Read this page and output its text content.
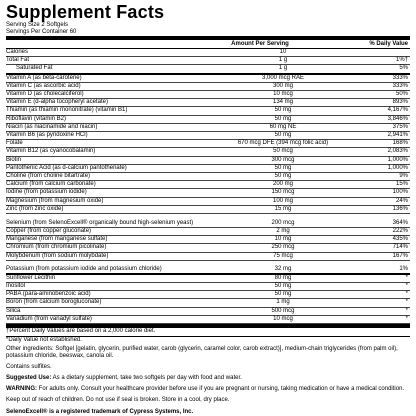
Supplement Facts
Serving Size 2 Softgels
Servings Per Container 60
Amount Per Serving	% Daily Value
Calories	10
Total Fat	1 g	1%†
Saturated Fat	1 g	5%
Vitamin A (as beta-carotene)	3,000 mcg RAE	333%
Vitamin C (as ascorbic acid)	300 mg	333%
Vitamin D (as cholecalciferol)	10 mcg	50%
Vitamin E (d-alpha tocopheryl acetate)	134 mg	893%
Thiamin (as thiamin mononitrate) (vitamin B1)	50 mg	4,167%
Riboflavin (vitamin B2)	50 mg	3,846%
Niacin (as niacinamide and niacin)	60 mg NE	375%
Vitamin B6 (as pyridoxine HCl)	50 mg	2,941%
Folate	670 mcg DFE (394 mcg folic acid)	168%
Vitamin B12 (as cyanocobalamin)	50 mcg	2,083%
Biotin	300 mcg	1,000%
Pantothenic Acid (as d-calcium pantothenate)	50 mg	1,000%
Choline (from choline bitartrate)	50 mg	9%
Calcium (from calcium carbonate)	200 mg	15%
Iodine (from potassium iodide)	150 mcg	100%
Magnesium (from magnesium oxide)	100 mg	24%
Zinc (from zinc oxide)	15 mg	136%
Selenium (from SelenoExcell® organically bound high-selenium yeast)	200 mcg	364%
Copper (from copper gluconate)	2 mg	222%
Manganese (from manganese sulfate)	10 mg	435%
Chromium (from chromium picolinate)	250 mcg	714%
Molybdenum (from sodium molybdate)	75 mcg	167%
Potassium (from potassium iodide and potassium chloride)	32 mg	1%
Sunflower Lecithin	80 mg	*
Inositol	50 mg	*
PABA (para-aminobenzoic acid)	50 mg	*
Boron (from calcium borogluconate)	1 mg	*
Silica	500 mcg	*
Vanadium (from vanadyl sulfate)	10 mcg	*
†Percent Daily Values are based on a 2,000 calorie diet.
*Daily Value not established.
Other ingredients: Softgel [gelatin, glycerin, purified water, carob (glycerin, caramel color, carob extract)], medium-chain triglycerides (from palm oil), potassium chloride, beeswax, canola oil.
Contains sulfites.
Suggested Use: As a dietary supplement, take two softgels per day with food and water.
WARNING: For adults only. Consult your healthcare provider before use if you are pregnant or nursing, taking medication or have a medical condition.
Keep out of reach of children. Do not use if seal is broken. Store in a cool, dry place.
SelenoExcell® is a registered trademark of Cypress Systems, Inc.
